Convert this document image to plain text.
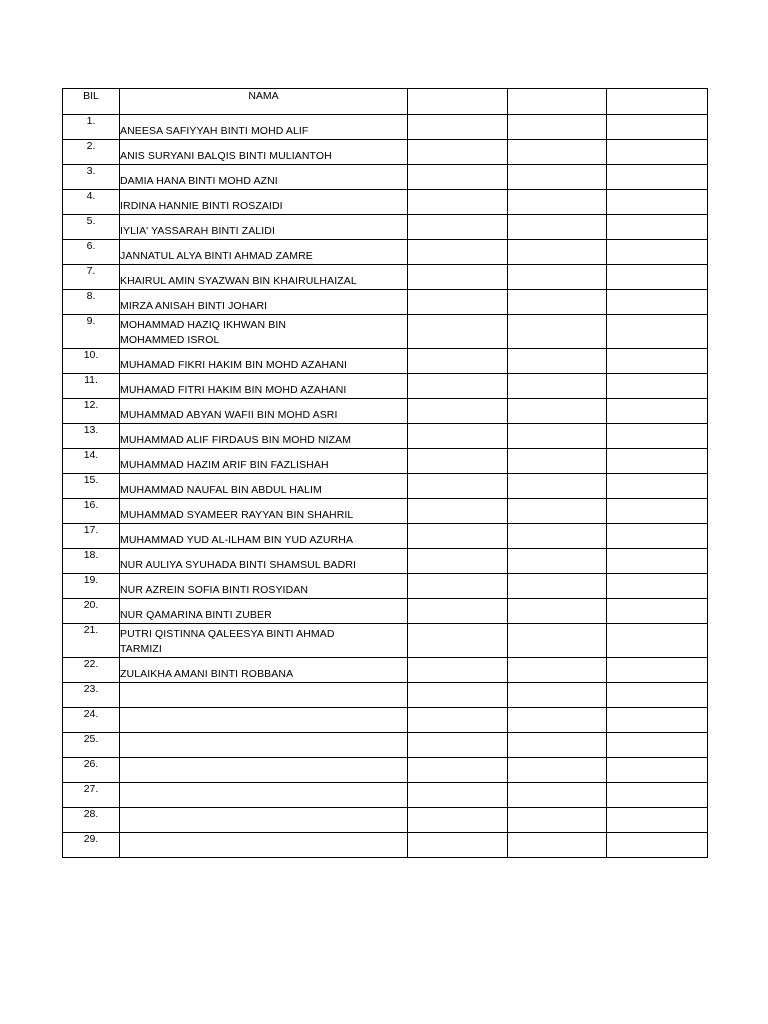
BIL	NAMA			
1.	ANEESA SAFIYYAH BINTI MOHD ALIF			
2.	ANIS SURYANI BALQIS BINTI MULIANTOH			
3.	DAMIA HANA BINTI MOHD AZNI			
4.	IRDINA HANNIE BINTI ROSZAIDI			
5.	IYLIA' YASSARAH BINTI ZALIDI			
6.	JANNATUL ALYA BINTI AHMAD ZAMRE			
7.	KHAIRUL AMIN SYAZWAN BIN KHAIRULHAIZAL			
8.	MIRZA ANISAH BINTI JOHARI			
9.	MOHAMMAD HAZIQ IKHWAN BIN MOHAMMED ISROL			
10.	MUHAMAD FIKRI HAKIM BIN MOHD AZAHANI			
11.	MUHAMAD FITRI HAKIM BIN MOHD AZAHANI			
12.	MUHAMMAD ABYAN WAFII BIN MOHD ASRI			
13.	MUHAMMAD ALIF FIRDAUS BIN MOHD NIZAM			
14.	MUHAMMAD HAZIM ARIF BIN FAZLISHAH			
15.	MUHAMMAD NAUFAL BIN ABDUL HALIM			
16.	MUHAMMAD SYAMEER RAYYAN BIN SHAHRIL			
17.	MUHAMMAD YUD AL-ILHAM BIN YUD AZURHA			
18.	NUR AULIYA SYUHADA BINTI SHAMSUL BADRI			
19.	NUR AZREIN SOFIA BINTI ROSYIDAN			
20.	NUR QAMARINA BINTI ZUBER			
21.	PUTRI QISTINNA QALEESYA BINTI AHMAD TARMIZI			
22.	ZULAIKHA AMANI BINTI ROBBANA			
23.				
24.				
25.				
26.				
27.				
28.				
29.				
